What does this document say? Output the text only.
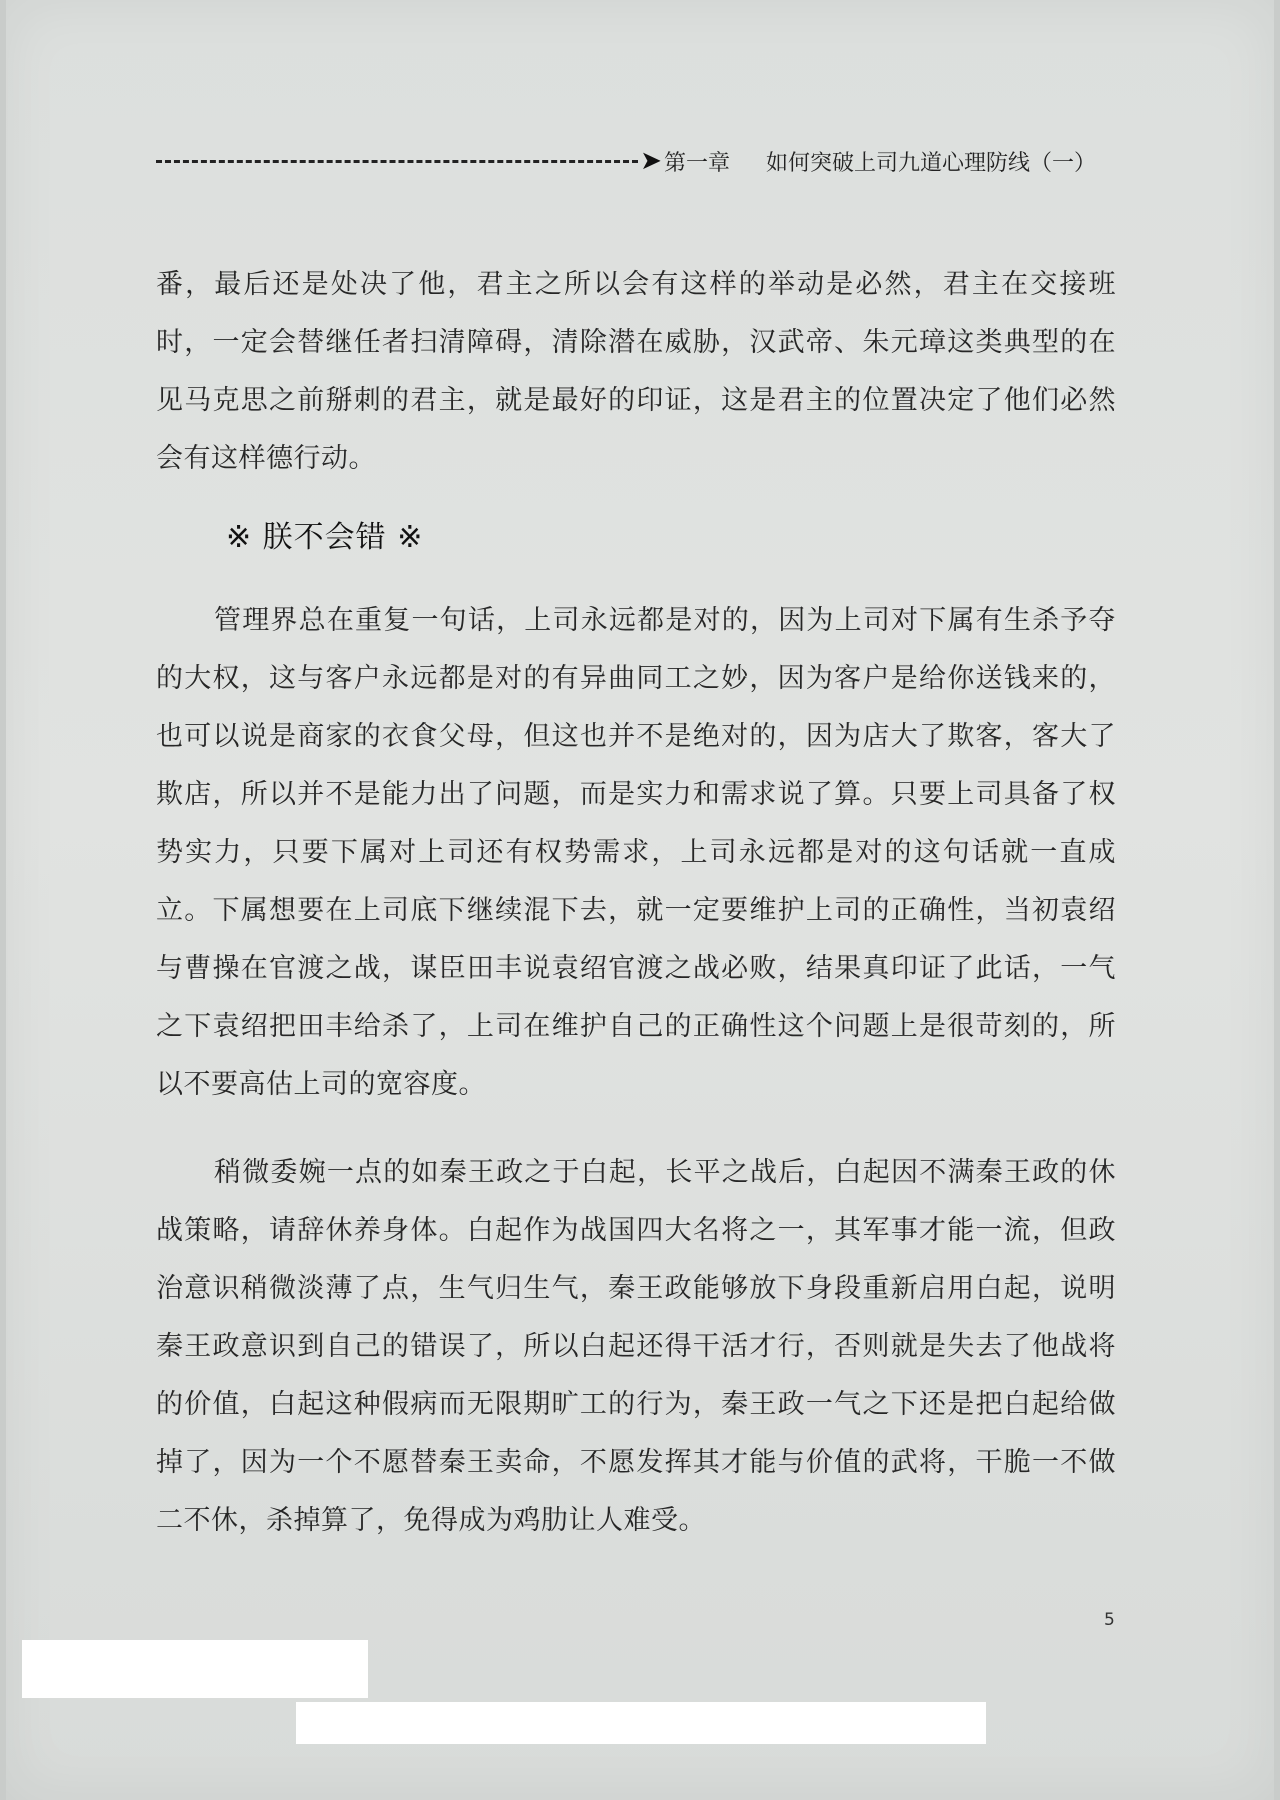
➤ 第一章 如何突破上司九道心理防线（一）

番，最后还是处决了他，君主之所以会有这样的举动是必然，君主在交接班时，一定会替继任者扫清障碍，清除潜在威胁，汉武帝、朱元璋这类典型的在见马克思之前掰刺的君主，就是最好的印证，这是君主的位置决定了他们必然会有这样德行动。

※ 朕不会错 ※

管理界总在重复一句话，上司永远都是对的，因为上司对下属有生杀予夺的大权，这与客户永远都是对的有异曲同工之妙，因为客户是给你送钱来的，也可以说是商家的衣食父母，但这也并不是绝对的，因为店大了欺客，客大了欺店，所以并不是能力出了问题，而是实力和需求说了算。只要上司具备了权势实力，只要下属对上司还有权势需求，上司永远都是对的这句话就一直成立。下属想要在上司底下继续混下去，就一定要维护上司的正确性，当初袁绍与曹操在官渡之战，谋臣田丰说袁绍官渡之战必败，结果真印证了此话，一气之下袁绍把田丰给杀了，上司在维护自己的正确性这个问题上是很苛刻的，所以不要高估上司的宽容度。

稍微委婉一点的如秦王政之于白起，长平之战后，白起因不满秦王政的休战策略，请辞休养身体。白起作为战国四大名将之一，其军事才能一流，但政治意识稍微淡薄了点，生气归生气，秦王政能够放下身段重新启用白起，说明秦王政意识到自己的错误了，所以白起还得干活才行，否则就是失去了他战将的价值，白起这种假病而无限期旷工的行为，秦王政一气之下还是把白起给做掉了，因为一个不愿替秦王卖命，不愿发挥其才能与价值的武将，干脆一不做二不休，杀掉算了，免得成为鸡肋让人难受。

5
